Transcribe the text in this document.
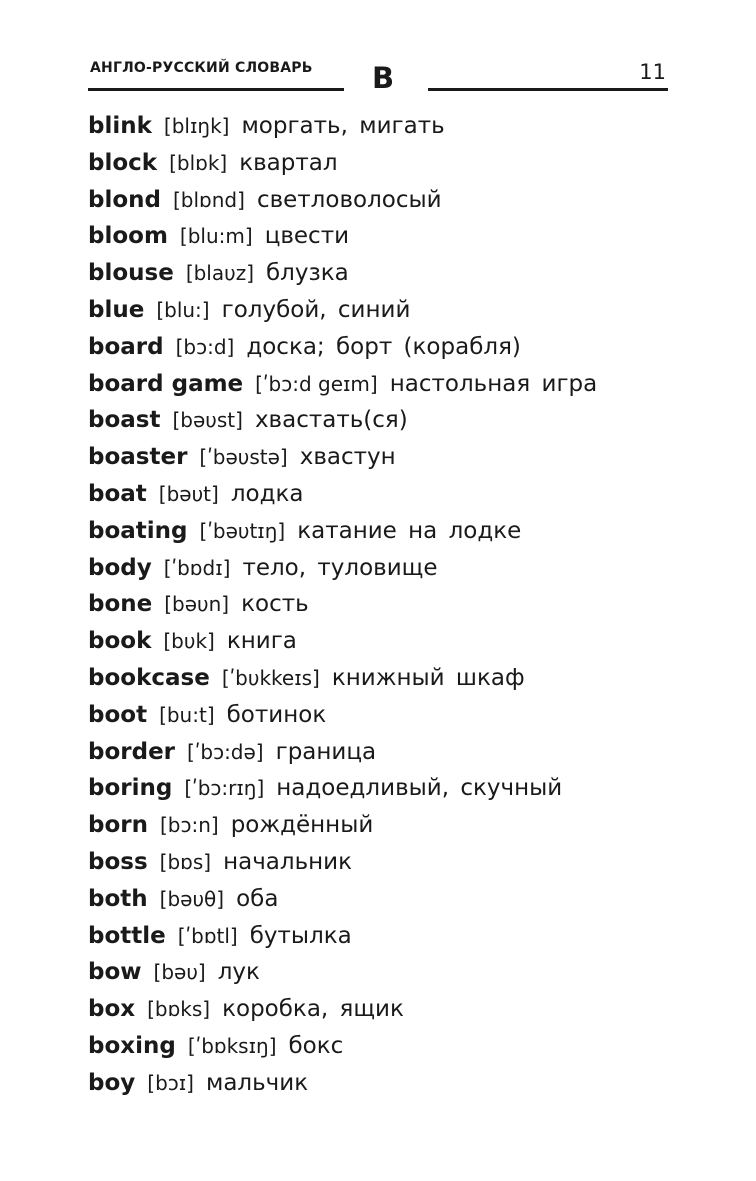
АНГЛО-РУССКИЙ СЛОВАРЬ B	11
blink [blɪŋk] моргать, мигать
block [blɒk] квартал
blond [blɒnd] светловолосый
bloom [blu:m] цвести
blouse [blaυz] блузка
blue [blu:] голубой, синий
board [bɔ:d] доска; борт (корабля)
board game [ʹbɔ:d geɪm] настольная игра
boast [bəυst] хвастать(ся)
boaster [ʹbəυstə] хвастун
boat [bəυt] лодка
boating [ʹbəυtɪŋ] катание на лодке
body [ʹbɒdɪ] тело, туловище
bone [bəυn] кость
book [bυk] книга
bookcase [ʹbυkkeɪs] книжный шкаф
boot [bu:t] ботинок
border [ʹbɔ:də] граница
boring [ʹbɔ:rɪŋ] надоедливый, скучный
born [bɔ:n] рождённый
boss [bɒs] начальник
both [bəυθ] оба
bottle [ʹbɒtl] бутылка
bow [bəυ] лук
box [bɒks] коробка, ящик
boxing [ʹbɒksɪŋ] бокс
boy [bɔɪ] мальчик
